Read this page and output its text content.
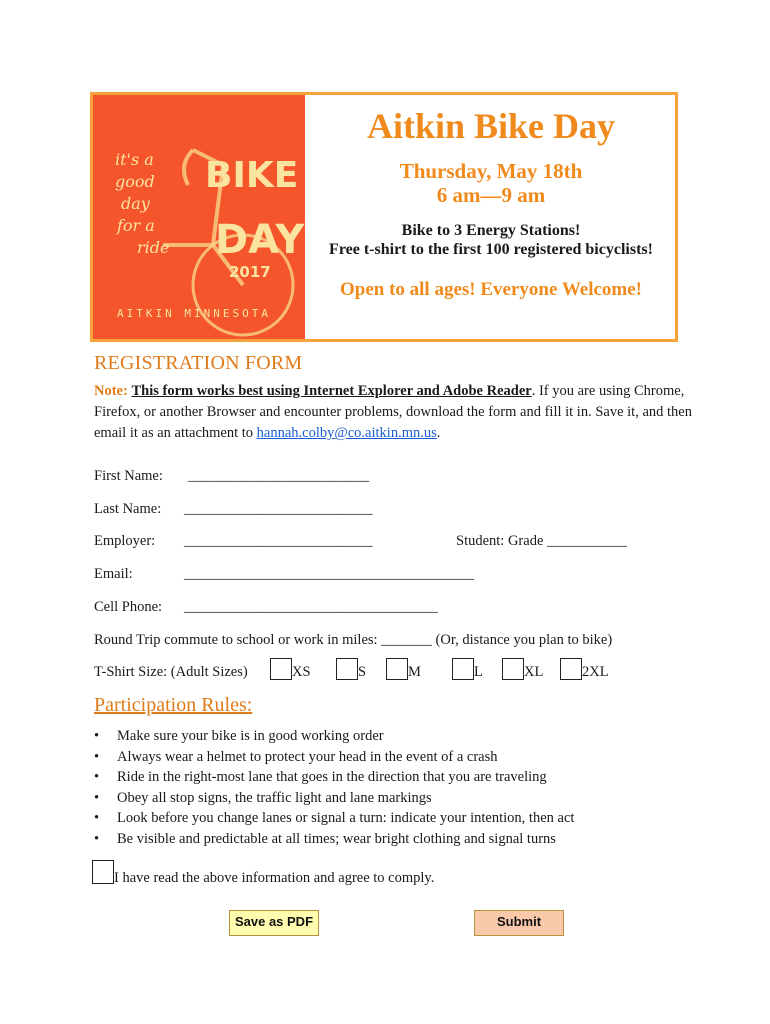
it's a
good
day
for a
ride
BIKE
DAY
2017
AITKIN MINNESOTA
Aitkin Bike Day
Thursday, May 18th
6 am—9 am
Bike to 3 Energy Stations!
Free t-shirt to the first 100 registered bicyclists!
Open to all ages! Everyone Welcome!
REGISTRATION FORM
Note: This form works best using Internet Explorer and Adobe Reader. If you are using Chrome, Firefox, or another Browser and encounter problems, download the form and fill it in. Save it, and then email it as an attachment to hannah.colby@co.aitkin.mn.us.
First Name: _________________________
Last Name: __________________________
Employer: __________________________	Student: Grade ___________
Email:	________________________________________
Cell Phone: ___________________________________
Round Trip commute to school or work in miles: _______ (Or, distance you plan to bike)
T-Shirt Size: (Adult Sizes)	XS	S	M	L	XL	2XL
Participation Rules:
• Make sure your bike is in good working order
• Always wear a helmet to protect your head in the event of a crash
• Ride in the right-most lane that goes in the direction that you are traveling
• Obey all stop signs, the traffic light and lane markings
• Look before you change lanes or signal a turn: indicate your intention, then act
• Be visible and predictable at all times; wear bright clothing and signal turns
I have read the above information and agree to comply.
Save as PDF	Submit
